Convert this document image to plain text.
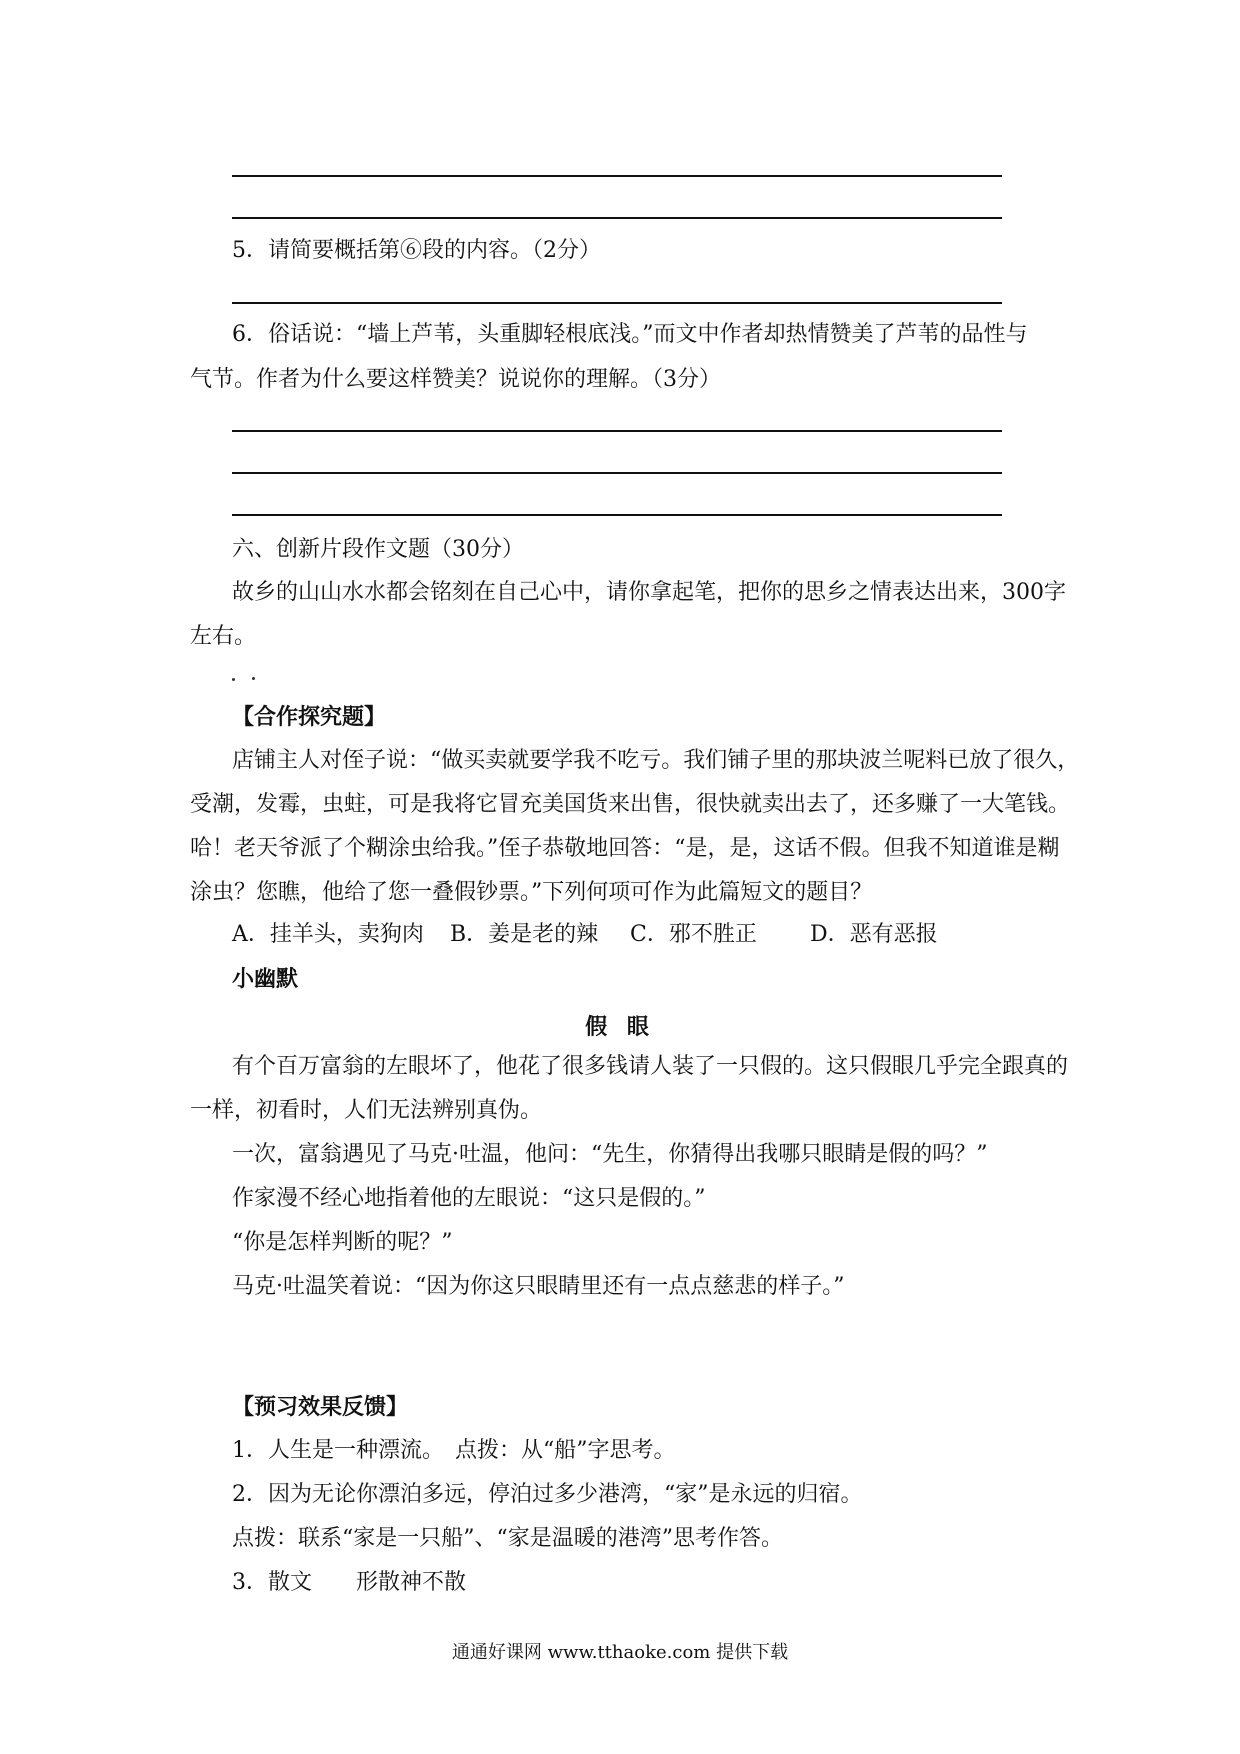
5．请简要概括第⑥段的内容。（2分）
6．俗话说：“墙上芦苇，头重脚轻根底浅。”而文中作者却热情赞美了芦苇的品性与
气节。作者为什么要这样赞美？说说你的理解。（3分）
六、创新片段作文题（30分）
故乡的山山水水都会铭刻在自己心中，请你拿起笔，把你的思乡之情表达出来，300字
左右。
【合作探究题】
店铺主人对侄子说：“做买卖就要学我不吃亏。我们铺子里的那块波兰呢料已放了很久，
受潮，发霉，虫蛀，可是我将它冒充美国货来出售，很快就卖出去了，还多赚了一大笔钱。
哈！老天爷派了个糊涂虫给我。”侄子恭敬地回答：“是，是，这话不假。但我不知道谁是糊
涂虫？您瞧，他给了您一叠假钞票。”下列何项可作为此篇短文的题目？
A．挂羊头，卖狗肉 B．姜是老的辣 C．邪不胜正 D．恶有恶报
小幽默
假 眼
有个百万富翁的左眼坏了，他花了很多钱请人装了一只假的。这只假眼几乎完全跟真的
一样，初看时，人们无法辨别真伪。
一次，富翁遇见了马克·吐温，他问：“先生，你猜得出我哪只眼睛是假的吗？”
作家漫不经心地指着他的左眼说：“这只是假的。”
“你是怎样判断的呢？”
马克·吐温笑着说：“因为你这只眼睛里还有一点点慈悲的样子。”
【预习效果反馈】
1．人生是一种漂流。　点拨：从“船”字思考。
2．因为无论你漂泊多远，停泊过多少港湾，“家”是永远的归宿。
点拨：联系“家是一只船”、“家是温暖的港湾”思考作答。
3．散文　　形散神不散
通通好课网 www.tthaoke.com 提供下载
